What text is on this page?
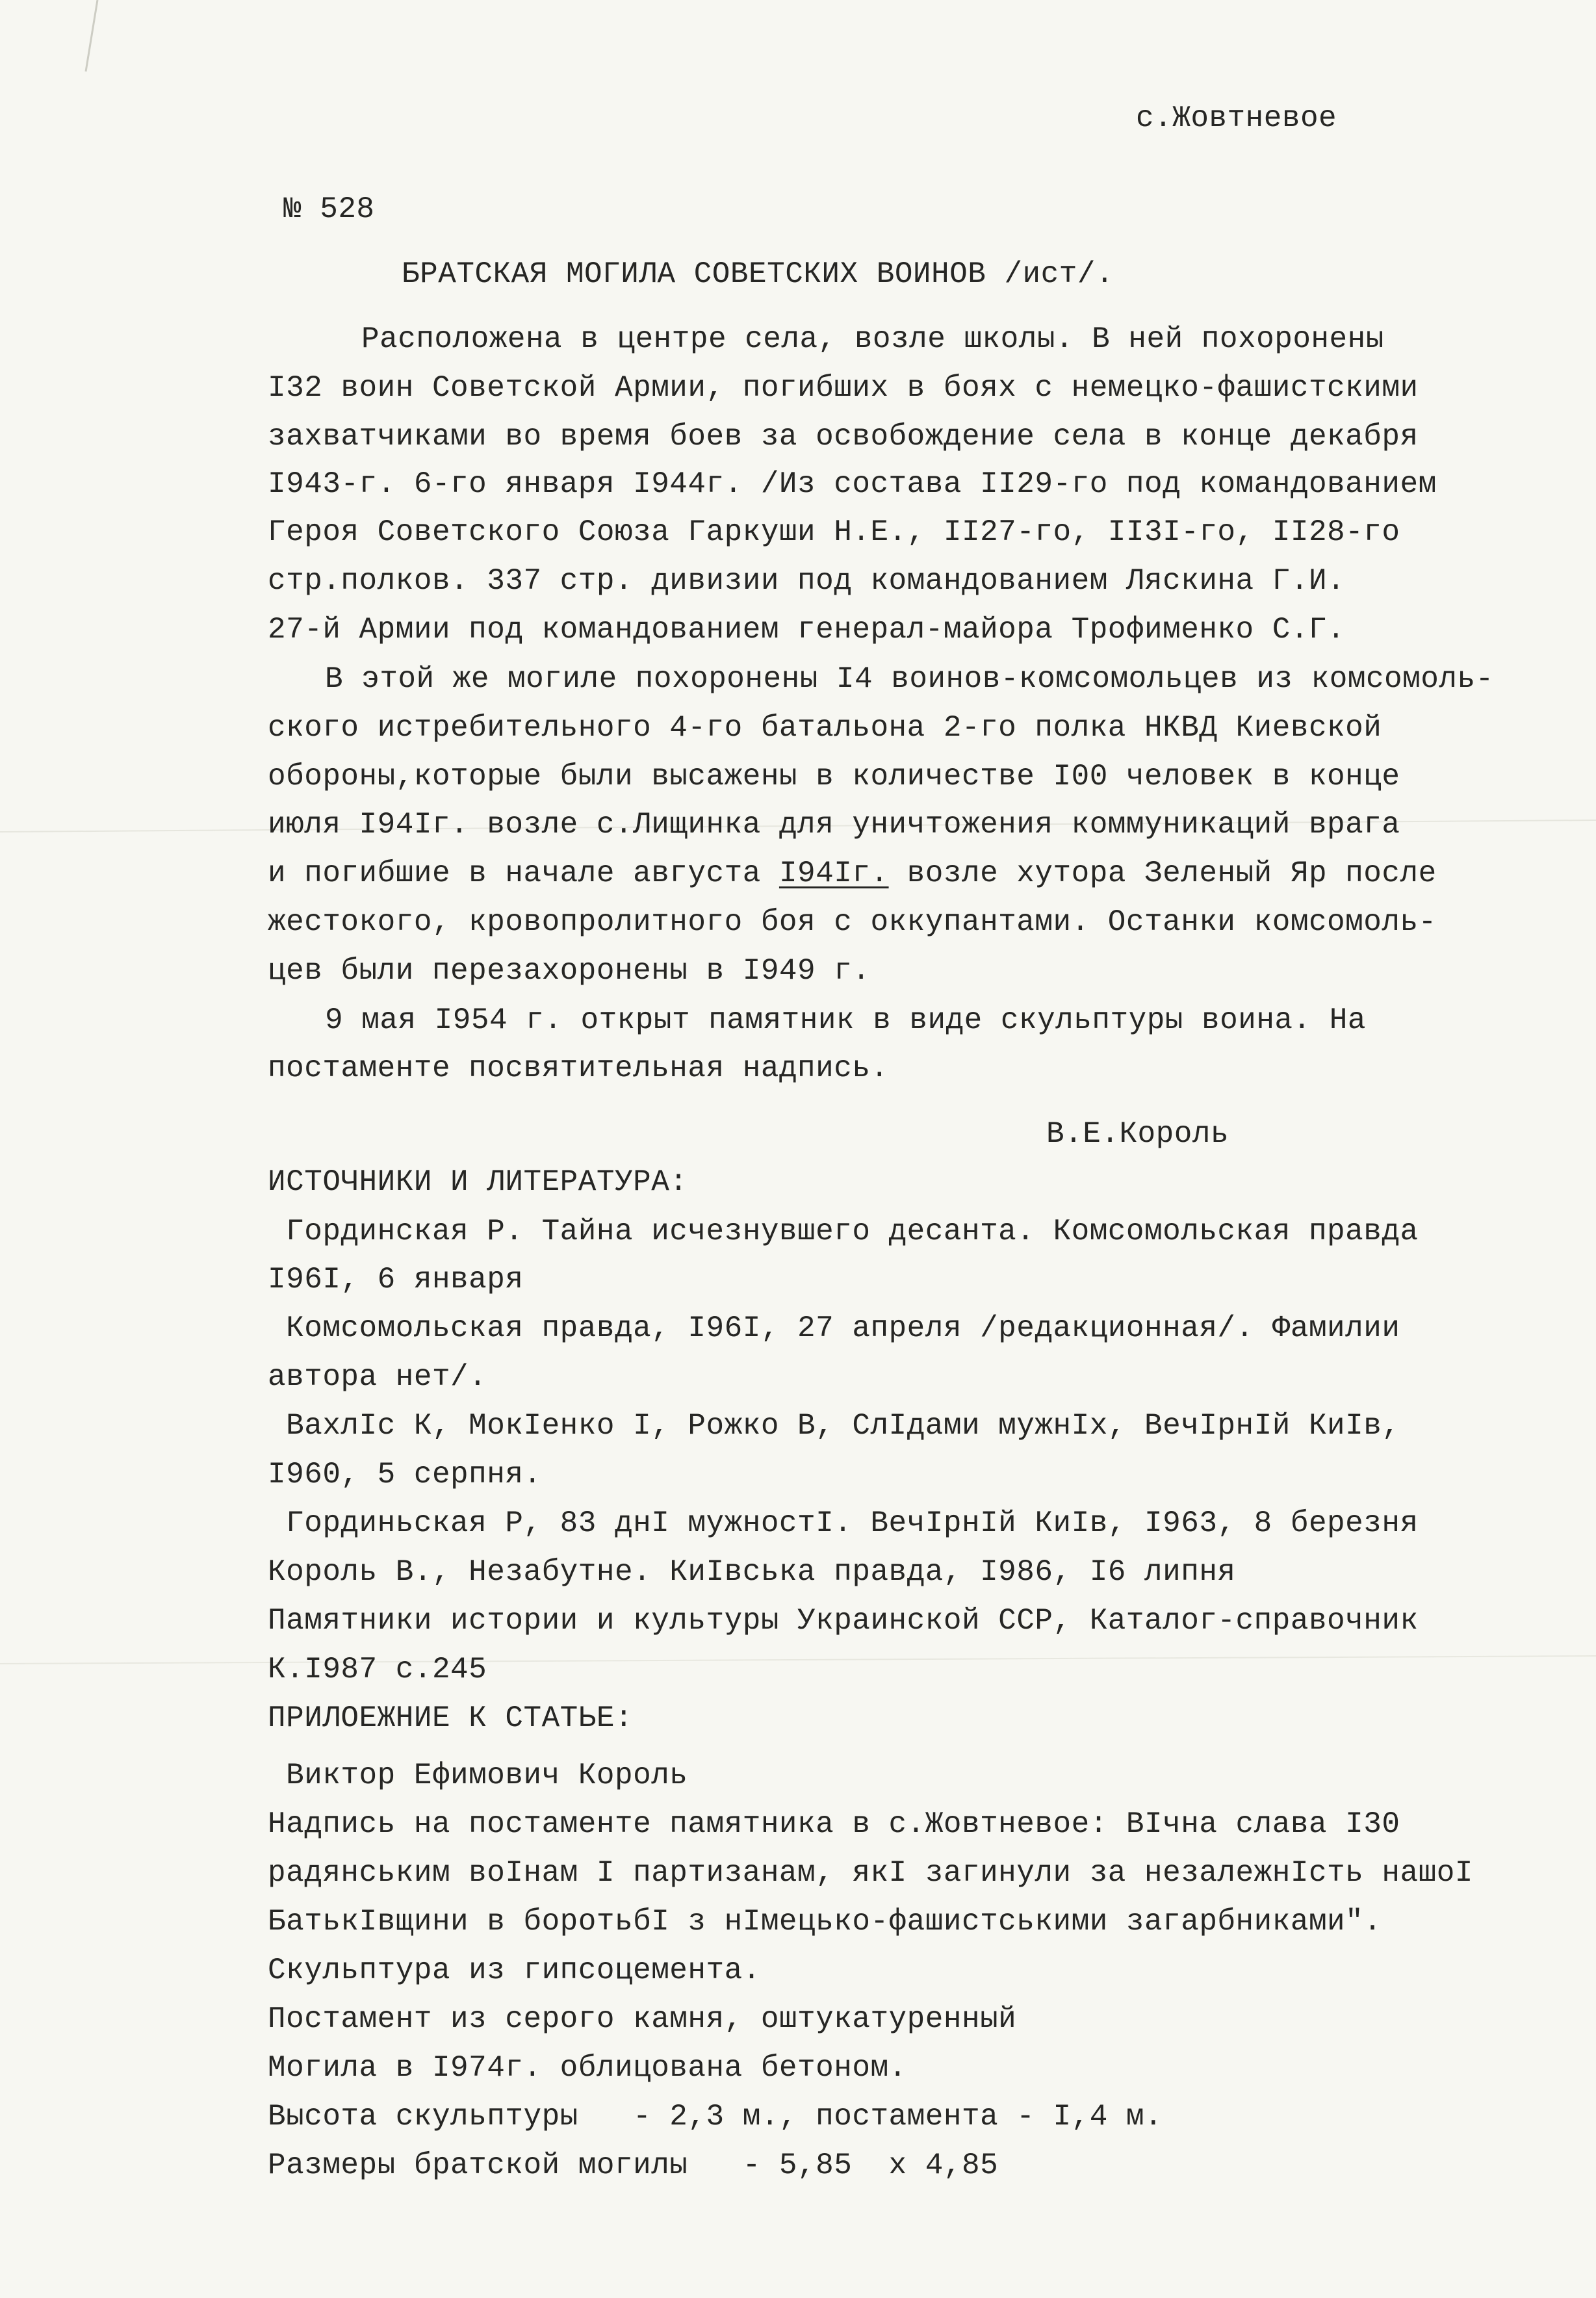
с.Жовтневое
№ 528
БРАТСКАЯ МОГИЛА СОВЕТСКИХ ВОИНОВ /ист/.
Расположена в центре села, возле школы. В ней похоронены
I32 воин Советской Армии, погибших в боях с немецко-фашистскими
захватчиками во время боев за освобождение села в конце декабря
I943-г. 6-го января I944г. /Из состава II29-го под командованием
Героя Советского Союза Гаркуши Н.Е., II27-го, II3I-го, II28-го
стр.полков. 337 стр. дивизии под командованием Ляскина Г.И.
27-й Армии под командованием генерал-майора Трофименко С.Г.
В этой же могиле похоронены I4 воинов-комсомольцев из комсомоль-
ского истребительного 4-го батальона 2-го полка НКВД Киевской
обороны,которые были высажены в количестве I00 человек в конце
июля I94Iг. возле с.Лищинка для уничтожения коммуникаций врага
и погибшие в начале августа I94Iг. возле хутора Зеленый Яр после
жестокого, кровопролитного боя с оккупантами. Останки комсомоль-
цев были перезахоронены в I949 г.
9 мая I954 г. открыт памятник в виде скульптуры воина. На
постаменте посвятительная надпись.
В.Е.Король
ИСТОЧНИКИ И ЛИТЕРАТУРА:
Гординская Р. Тайна исчезнувшего десанта. Комсомольская правда
I96I, 6 января
Комсомольская правда, I96I, 27 апреля /редакционная/. Фамилии
автора нет/.
ВахлIс К, МокIенко I, Рожко В, СлIдами мужнIх, ВечIрнIй КиIв,
I960, 5 серпня.
Гординьская Р, 83 днI мужностI. ВечIрнIй КиIв, I963, 8 березня
Король В., Незабутне. КиIвська правда, I986, I6 липня
Памятники истории и культуры Украинской ССР, Каталог-справочник
К.I987 с.245
ПРИЛОЕЖНИЕ К СТАТЬЕ:
Виктор Ефимович Король
Надпись на постаменте памятника в с.Жовтневое: ВIчна слава I30
радянським воIнам I партизанам, якI загинули за незалежнIсть нашоI
БатькIвщини в боротьбI з нIмецько-фашистськими загарбниками".
Скульптура из гипсоцемента.
Постамент из серого камня, оштукатуренный
Могила в I974г. облицована бетоном.
Высота скульптуры   - 2,3 м., постамента - I,4 м.
Размеры братской могилы   - 5,85  х 4,85
